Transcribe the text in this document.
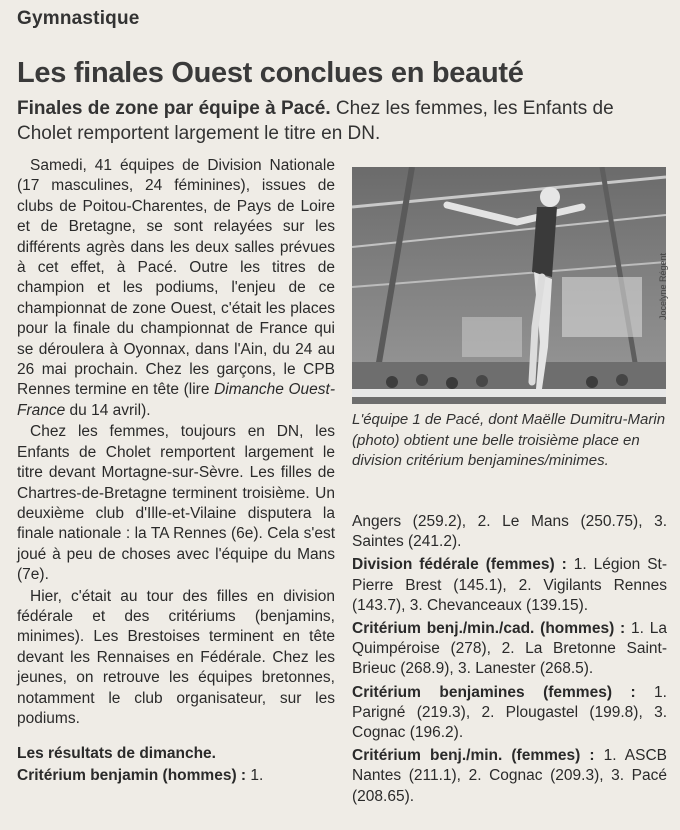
Gymnastique
Les finales Ouest conclues en beauté
Finales de zone par équipe à Pacé. Chez les femmes, les Enfants de Cholet remportent largement le titre en DN.

Samedi, 41 équipes de Division Nationale (17 masculines, 24 féminines), issues de clubs de Poitou-Charentes, de Pays de Loire et de Bretagne, se sont relayées sur les différents agrès dans les deux salles prévues à cet effet, à Pacé. Outre les titres de champion et les podiums, l'enjeu de ce championnat de zone Ouest, c'était les places pour la finale du championnat de France qui se déroulera à Oyonnax, dans l'Ain, du 24 au 26 mai prochain. Chez les garçons, le CPB Rennes termine en tête (lire Dimanche Ouest-France du 14 avril).

Chez les femmes, toujours en DN, les Enfants de Cholet remportent largement le titre devant Mortagne-sur-Sèvre. Les filles de Chartres-de-Bretagne terminent troisième. Un deuxième club d'Ille-et-Vilaine disputera la finale nationale : la TA Rennes (6e). Cela s'est joué à peu de choses avec l'équipe du Mans (7e).

Hier, c'était au tour des filles en division fédérale et des critériums (benjamins, minimes). Les Brestoises terminent en tête devant les Rennaises en Fédérale. Chez les jeunes, on retrouve les équipes bretonnes, notamment le club organisateur, sur les podiums.

Les résultats de dimanche.

Critérium benjamin (hommes) : 1.

Jocelyne Régent
L'équipe 1 de Pacé, dont Maëlle Dumitru-Marin (photo) obtient une belle troisième place en division critérium benjamines/minimes.

Angers (259.2), 2. Le Mans (250.75), 3. Saintes (241.2).

Division fédérale (femmes) : 1. Légion St-Pierre Brest (145.1), 2. Vigilants Rennes (143.7), 3. Chevanceaux (139.15).

Critérium benj./min./cad. (hommes) : 1. La Quimpéroise (278), 2. La Bretonne Saint-Brieuc (268.9), 3. Lanester (268.5).

Critérium benjamines (femmes) : 1. Parigné (219.3), 2. Plougastel (199.8), 3. Cognac (196.2).

Critérium benj./min. (femmes) : 1. ASCB Nantes (211.1), 2. Cognac (209.3), 3. Pacé (208.65).
